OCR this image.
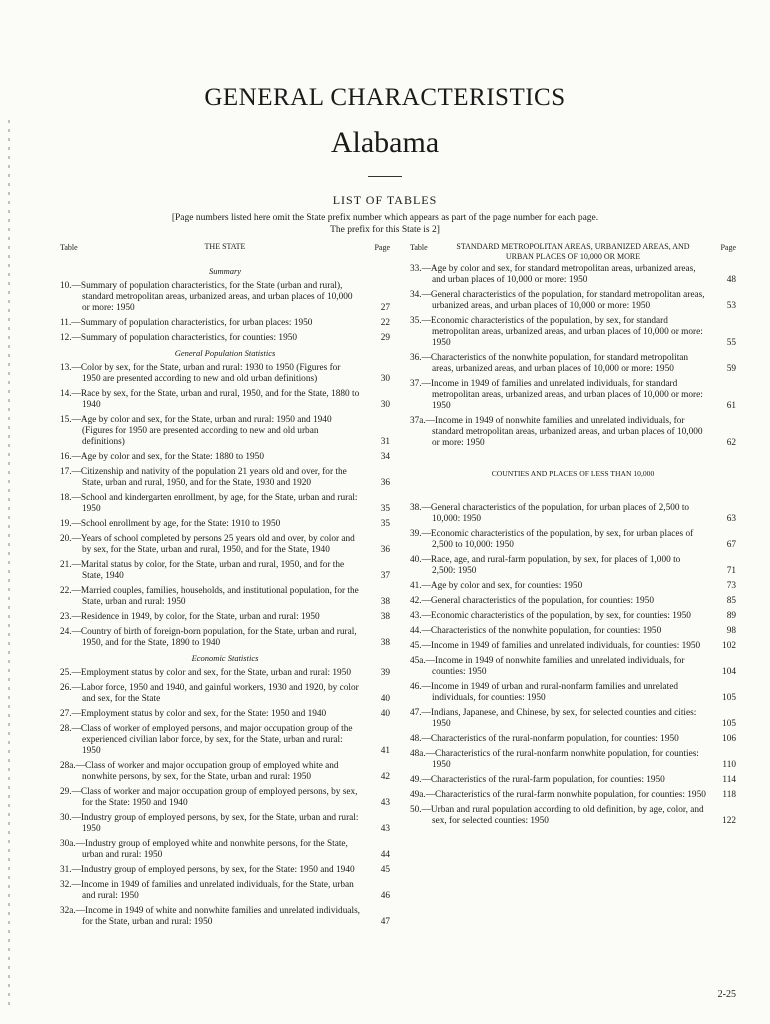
GENERAL CHARACTERISTICS
Alabama
LIST OF TABLES
[Page numbers listed here omit the State prefix number which appears as part of the page number for each page.
The prefix for this State is 2]
Table	THE STATE	Page
Summary
10.—Summary of population characteristics, for the State (urban and rural), standard metropolitan areas, urbanized areas, and urban places of 10,000 or more: 1950	27
11.—Summary of population characteristics, for urban places: 1950	22
12.—Summary of population characteristics, for counties: 1950	29
General Population Statistics
13.—Color by sex, for the State, urban and rural: 1930 to 1950 (Figures for 1950 are presented according to new and old urban definitions)	30
14.—Race by sex, for the State, urban and rural, 1950, and for the State, 1880 to 1940	30
15.—Age by color and sex, for the State, urban and rural: 1950 and 1940 (Figures for 1950 are presented according to new and old urban definitions)	31
16.—Age by color and sex, for the State: 1880 to 1950	34
17.—Citizenship and nativity of the population 21 years old and over, for the State, urban and rural, 1950, and for the State, 1930 and 1920	36
18.—School and kindergarten enrollment, by age, for the State, urban and rural: 1950	35
19.—School enrollment by age, for the State: 1910 to 1950	35
20.—Years of school completed by persons 25 years old and over, by color and by sex, for the State, urban and rural, 1950, and for the State, 1940	36
21.—Marital status by color, for the State, urban and rural, 1950, and for the State, 1940	37
22.—Married couples, families, households, and institutional population, for the State, urban and rural: 1950	38
23.—Residence in 1949, by color, for the State, urban and rural: 1950	38
24.—Country of birth of foreign-born population, for the State, urban and rural, 1950, and for the State, 1890 to 1940	38
Economic Statistics
25.—Employment status by color and sex, for the State, urban and rural: 1950	39
26.—Labor force, 1950 and 1940, and gainful workers, 1930 and 1920, by color and sex, for the State	40
27.—Employment status by color and sex, for the State: 1950 and 1940	40
28.—Class of worker of employed persons, and major occupation group of the experienced civilian labor force, by sex, for the State, urban and rural: 1950	41
28a.—Class of worker and major occupation group of employed white and nonwhite persons, by sex, for the State, urban and rural: 1950	42
29.—Class of worker and major occupation group of employed persons, by sex, for the State: 1950 and 1940	43
30.—Industry group of employed persons, by sex, for the State, urban and rural: 1950	43
30a.—Industry group of employed white and nonwhite persons, for the State, urban and rural: 1950	44
31.—Industry group of employed persons, by sex, for the State: 1950 and 1940	45
32.—Income in 1949 of families and unrelated individuals, for the State, urban and rural: 1950	46
32a.—Income in 1949 of white and nonwhite families and unrelated individuals, for the State, urban and rural: 1950	47
Table	STANDARD METROPOLITAN AREAS, URBANIZED AREAS, AND URBAN PLACES OF 10,000 OR MORE
Page
33.—Age by color and sex, for standard metropolitan areas, urbanized areas, and urban places of 10,000 or more: 1950	48
34.—General characteristics of the population, for standard metropolitan areas, urbanized areas, and urban places of 10,000 or more: 1950	53
35.—Economic characteristics of the population, by sex, for standard metropolitan areas, urbanized areas, and urban places of 10,000 or more: 1950	55
36.—Characteristics of the nonwhite population, for standard metropolitan areas, urbanized areas, and urban places of 10,000 or more: 1950	59
37.—Income in 1949 of families and unrelated individuals, for standard metropolitan areas, urbanized areas, and urban places of 10,000 or more: 1950	61
37a.—Income in 1949 of nonwhite families and unrelated individuals, for standard metropolitan areas, urbanized areas, and urban places of 10,000 or more: 1950	62
COUNTIES AND PLACES OF LESS THAN 10,000
38.—General characteristics of the population, for urban places of 2,500 to 10,000: 1950	63
39.—Economic characteristics of the population, by sex, for urban places of 2,500 to 10,000: 1950	67
40.—Race, age, and rural-farm population, by sex, for places of 1,000 to 2,500: 1950	71
41.—Age by color and sex, for counties: 1950	73
42.—General characteristics of the population, for counties: 1950	85
43.—Economic characteristics of the population, by sex, for counties: 1950	89
44.—Characteristics of the nonwhite population, for counties: 1950	98
45.—Income in 1949 of families and unrelated individuals, for counties: 1950	102
45a.—Income in 1949 of nonwhite families and unrelated individuals, for counties: 1950	104
46.—Income in 1949 of urban and rural-nonfarm families and unrelated individuals, for counties: 1950	105
47.—Indians, Japanese, and Chinese, by sex, for selected counties and cities: 1950	105
48.—Characteristics of the rural-nonfarm population, for counties: 1950	106
48a.—Characteristics of the rural-nonfarm nonwhite population, for counties: 1950	110
49.—Characteristics of the rural-farm population, for counties: 1950	114
49a.—Characteristics of the rural-farm nonwhite population, for counties: 1950	118
50.—Urban and rural population according to old definition, by age, color, and sex, for selected counties: 1950	122
2-25
